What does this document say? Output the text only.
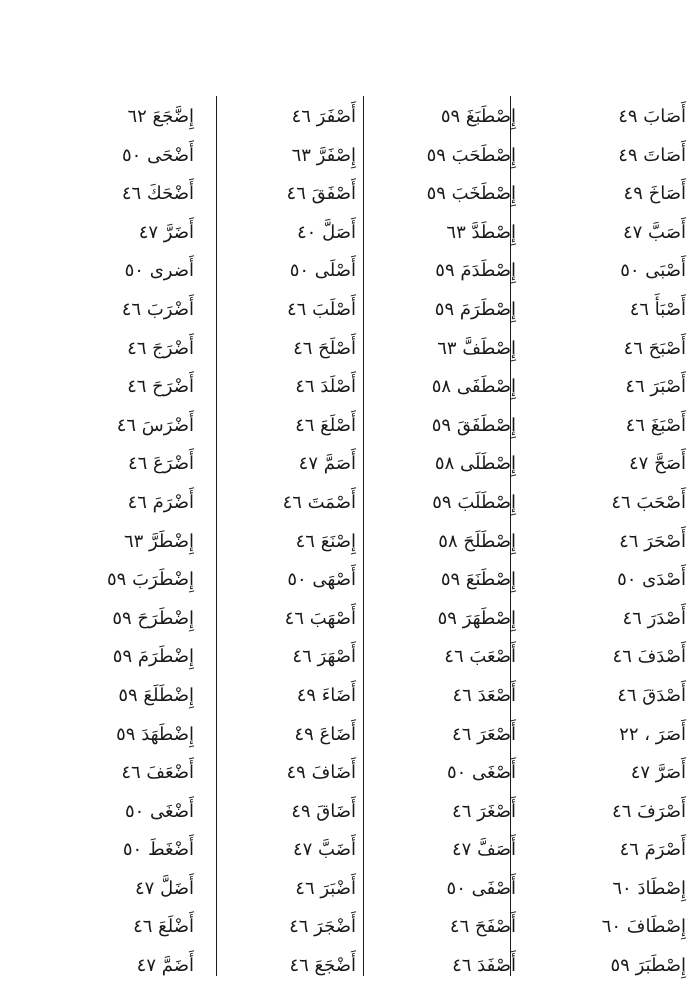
أَصَابَ ٤٩
أَصَاتَ ٤٩
أَصَاخَ ٤٩
أَصَبَّ ٤٧
أَصْبَى ٥٠
أَصْبَأَ ٤٦
أَصْبَحَ ٤٦
أَصْبَرَ ٤٦
أَصْبَغَ ٤٦
أَصَحَّ ٤٧
أَصْحَبَ ٤٦
أَصْحَرَ ٤٦
أَصْدَى ٥٠
أَصْدَرَ ٤٦
أَصْدَفَ ٤٦
أَصْدَقَ ٤٦
أَصَرَ ، ٢٢
أَصَرَّ ٤٧
أَصْرَفَ ٤٦
أَصْرَمَ ٤٦
إِصْطَادَ ٦٠
إِصْطَافَ ٦٠
إِصْطَبَرَ ٥٩
إِصْطَبَغَ ٥٩
إِصْطَحَبَ ٥٩
إِصْطَخَبَ ٥٩
إِصْطَدَّ ٦٣
إِصْطَدَمَ ٥٩
إِصْطَرَمَ ٥٩
إِصْطَفَّ ٦٣
إِصْطَفَى ٥٨
إِصْطَفَقَ ٥٩
إِصْطَلَى ٥٨
إِصْطَلَبَ ٥٩
إِصْطَلَحَ ٥٨
إِصْطَنَعَ ٥٩
إِصْطَهَرَ ٥٩
أَصْعَبَ ٤٦
أَصْعَدَ ٤٦
أَصْعَرَ ٤٦
أَصْغَى ٥٠
أَصْغَرَ ٤٦
أَصَفَّ ٤٧
أَصْفَى ٥٠
أَصْفَحَ ٤٦
أَصْفَدَ ٤٦
أَصْفَرَ ٤٦
إِصْفَرَّ ٦٣
أَصْفَقَ ٤٦
أَصَلَّ ٤٠
أَصْلَى ٥٠
أَصْلَبَ ٤٦
أَصْلَحَ ٤٦
أَصْلَدَ ٤٦
أَصْلَعَ ٤٦
أَصَمَّ ٤٧
أَصْمَتَ ٤٦
إِصْنَعَ ٤٦
أَصْهَى ٥٠
أَصْهَبَ ٤٦
أَصْهَرَ ٤٦
أَضَاءَ ٤٩
أَضَاعَ ٤٩
أَضَافَ ٤٩
أَضَاقَ ٤٩
أَضَبَّ ٤٧
أَضْبَرَ ٤٦
أَضْجَرَ ٤٦
أَضْجَعَ ٤٦
إِضَّجَعَ ٦٢
أَضْحَى ٥٠
أَضْحَكَ ٤٦
أَضَرَّ ٤٧
أَضرى ٥٠
أَضْرَبَ ٤٦
أَضْرَجَ ٤٦
أَضْرَحَ ٤٦
أَضْرَسَ ٤٦
أَضْرَعَ ٤٦
أَضْرَمَ ٤٦
إِضْطَرَّ ٦٣
إِضْطَرَبَ ٥٩
إِضْطَرَحَ ٥٩
إِضْطَرَمَ ٥٩
إِضْطَلَعَ ٥٩
إِضْطَهَدَ ٥٩
أَضْعَفَ ٤٦
أَضْغَى ٥٠
أَضْغَطَ ٥٠
أَضَلَّ ٤٧
أَضْلَعَ ٤٦
أَضَمَّ ٤٧
